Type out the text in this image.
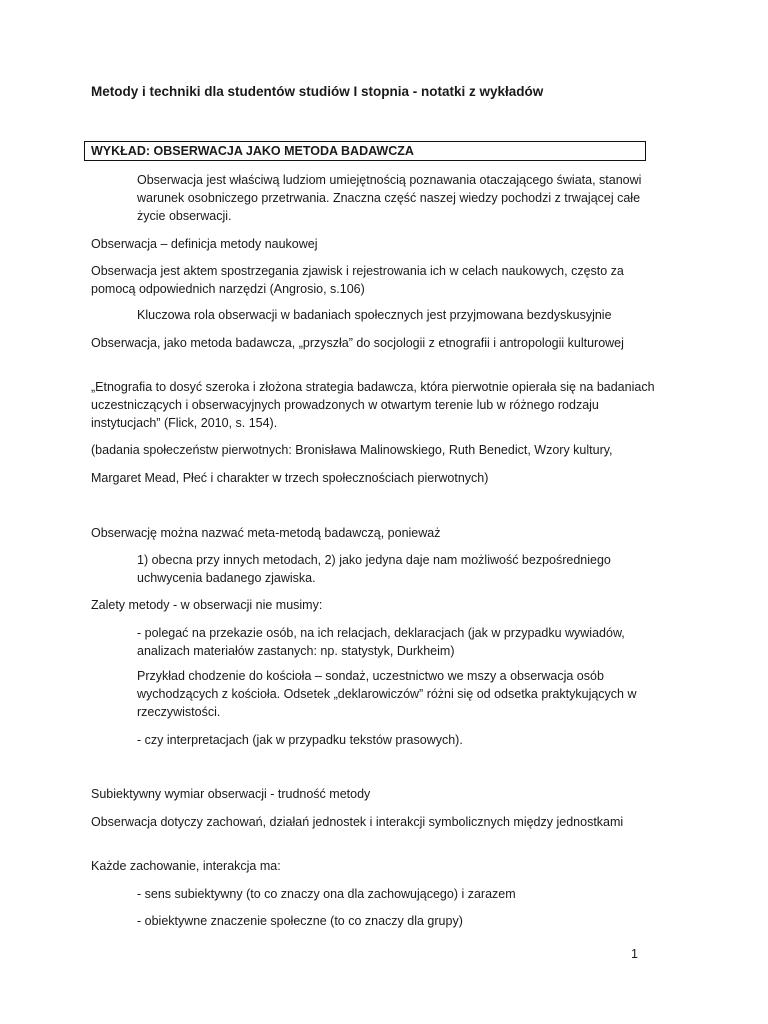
Metody i techniki dla studentów studiów I stopnia - notatki z wykładów

WYKŁAD: OBSERWACJA JAKO METODA BADAWCZA

Obserwacja jest właściwą ludziom umiejętnością poznawania otaczającego świata, stanowi warunek osobniczego przetrwania. Znaczna część naszej wiedzy pochodzi z trwającej całe życie obserwacji.

Obserwacja – definicja metody naukowej

Obserwacja jest aktem spostrzegania zjawisk i rejestrowania ich w celach naukowych, często za pomocą odpowiednich narzędzi (Angrosio, s.106)

Kluczowa rola obserwacji w badaniach społecznych jest przyjmowana bezdyskusyjnie

Obserwacja, jako metoda badawcza, „przyszła” do socjologii z etnografii i antropologii kulturowej

„Etnografia to dosyć szeroka i złożona strategia badawcza, która pierwotnie opierała się na badaniach uczestniczących i obserwacyjnych prowadzonych w otwartym terenie lub w różnego rodzaju instytucjach” (Flick, 2010, s. 154).

(badania społeczeństw pierwotnych: Bronisława Malinowskiego, Ruth Benedict, Wzory kultury,

Margaret Mead, Płeć i charakter w trzech społecznościach pierwotnych)

Obserwację można nazwać meta-metodą badawczą, ponieważ

1) obecna przy innych metodach, 2) jako jedyna daje nam możliwość bezpośredniego uchwycenia badanego zjawiska.

Zalety metody - w obserwacji nie musimy:

- polegać na przekazie osób, na ich relacjach, deklaracjach (jak w przypadku wywiadów, analizach materiałów zastanych: np. statystyk, Durkheim)

Przykład chodzenie do kościoła – sondaż, uczestnictwo we mszy a obserwacja osób wychodzących z kościoła. Odsetek „deklarowiczów” różni się od odsetka praktykujących w rzeczywistości.

- czy interpretacjach (jak w przypadku tekstów prasowych).

Subiektywny wymiar obserwacji - trudność metody

Obserwacja dotyczy zachowań, działań jednostek i interakcji symbolicznych między jednostkami

Każde zachowanie, interakcja ma:

- sens subiektywny (to co znaczy ona dla zachowującego) i zarazem

- obiektywne znaczenie społeczne (to co znaczy dla grupy)

1
